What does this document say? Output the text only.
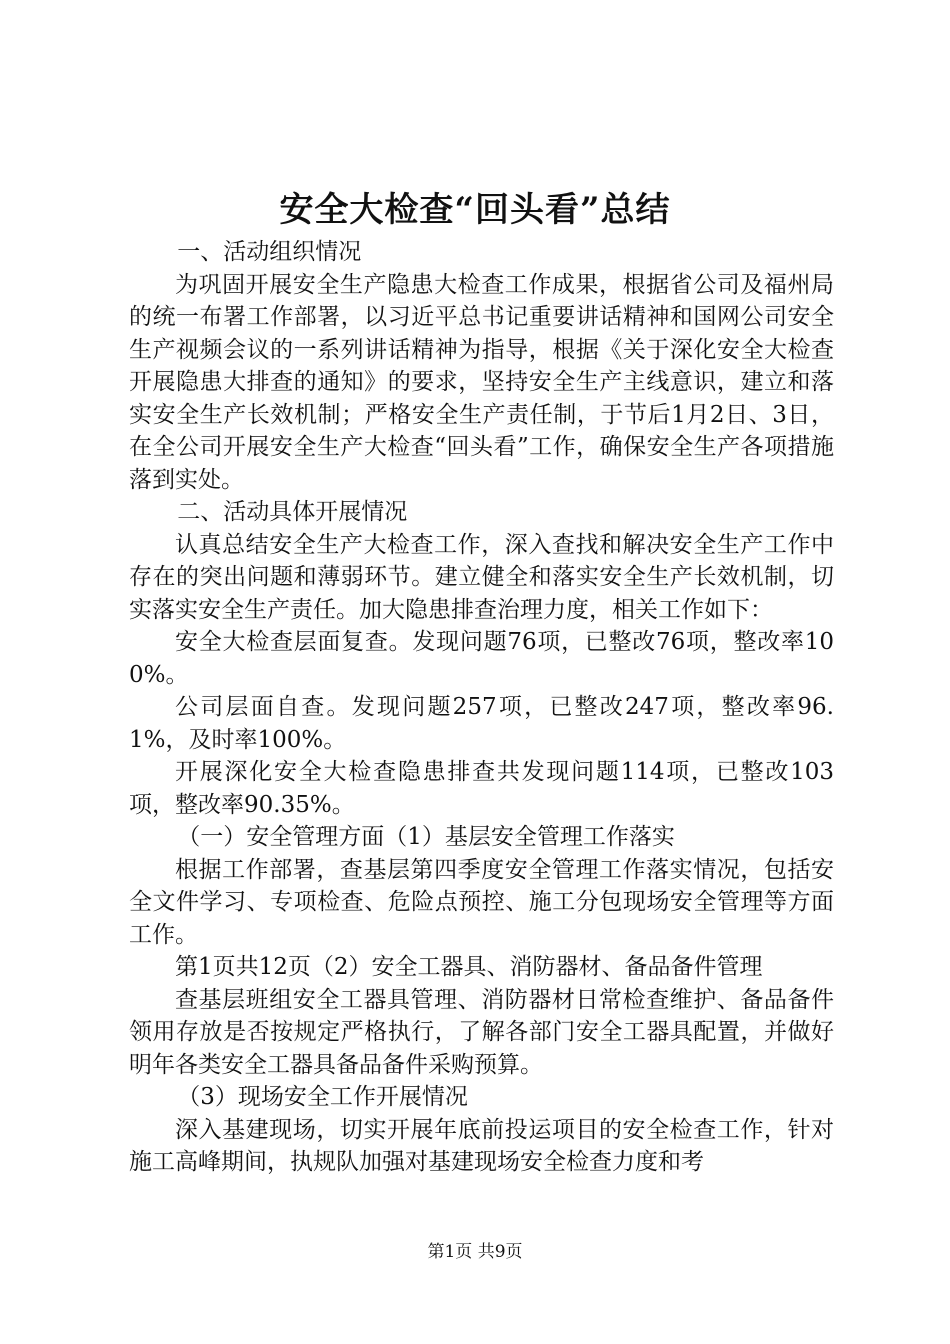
安全大检查“回头看”总结

一、活动组织情况

为巩固开展安全生产隐患大检查工作成果，根据省公司及福州局的统一布署工作部署，以习近平总书记重要讲话精神和国网公司安全生产视频会议的一系列讲话精神为指导，根据《关于深化安全大检查开展隐患大排查的通知》的要求，坚持安全生产主线意识，建立和落实安全生产长效机制；严格安全生产责任制，于节后1月2日、3日，在全公司开展安全生产大检查“回头看”工作，确保安全生产各项措施落到实处。

二、活动具体开展情况

认真总结安全生产大检查工作，深入查找和解决安全生产工作中存在的突出问题和薄弱环节。建立健全和落实安全生产长效机制，切实落实安全生产责任。加大隐患排查治理力度，相关工作如下：

安全大检查层面复查。发现问题76项，已整改76项，整改率100%。

公司层面自查。发现问题257项，已整改247项，整改率96.1%，及时率100%。

开展深化安全大检查隐患排查共发现问题114项，已整改103项，整改率90.35%。

（一）安全管理方面（1）基层安全管理工作落实

根据工作部署，查基层第四季度安全管理工作落实情况，包括安全文件学习、专项检查、危险点预控、施工分包现场安全管理等方面工作。

第1页共12页（2）安全工器具、消防器材、备品备件管理

查基层班组安全工器具管理、消防器材日常检查维护、备品备件领用存放是否按规定严格执行，了解各部门安全工器具配置，并做好明年各类安全工器具备品备件采购预算。

（3）现场安全工作开展情况

深入基建现场，切实开展年底前投运项目的安全检查工作，针对施工高峰期间，执规队加强对基建现场安全检查力度和考

第1页 共9页
